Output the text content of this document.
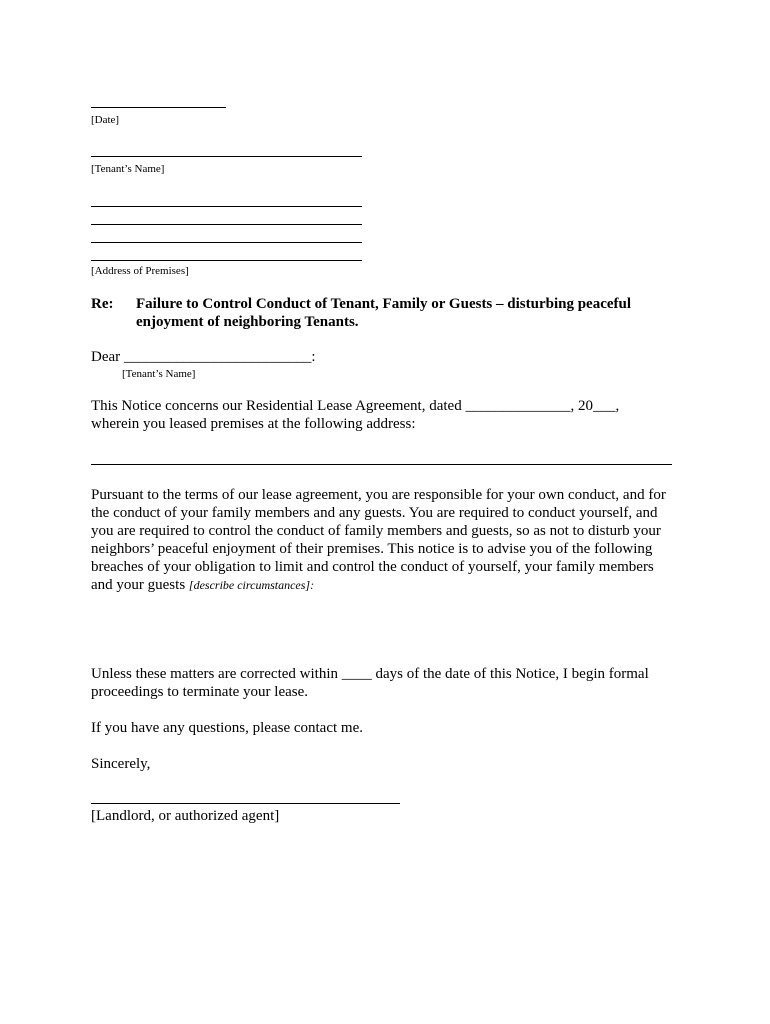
[Date]
[Tenant’s Name]
[Address of Premises]
Re: Failure to Control Conduct of Tenant, Family or Guests – disturbing peaceful
enjoyment of neighboring Tenants.
Dear _________________________:
[Tenant’s Name]
This Notice concerns our Residential Lease Agreement, dated ______________, 20___,
wherein you leased premises at the following address:
Pursuant to the terms of our lease agreement, you are responsible for your own conduct, and for
the conduct of your family members and any guests. You are required to conduct yourself, and
you are required to control the conduct of family members and guests, so as not to disturb your
neighbors’ peaceful enjoyment of their premises. This notice is to advise you of the following
breaches of your obligation to limit and control the conduct of yourself, your family members
and your guests [describe circumstances]:
Unless these matters are corrected within ____ days of the date of this Notice, I begin formal
proceedings to terminate your lease.
If you have any questions, please contact me.
Sincerely,
[Landlord, or authorized agent]
